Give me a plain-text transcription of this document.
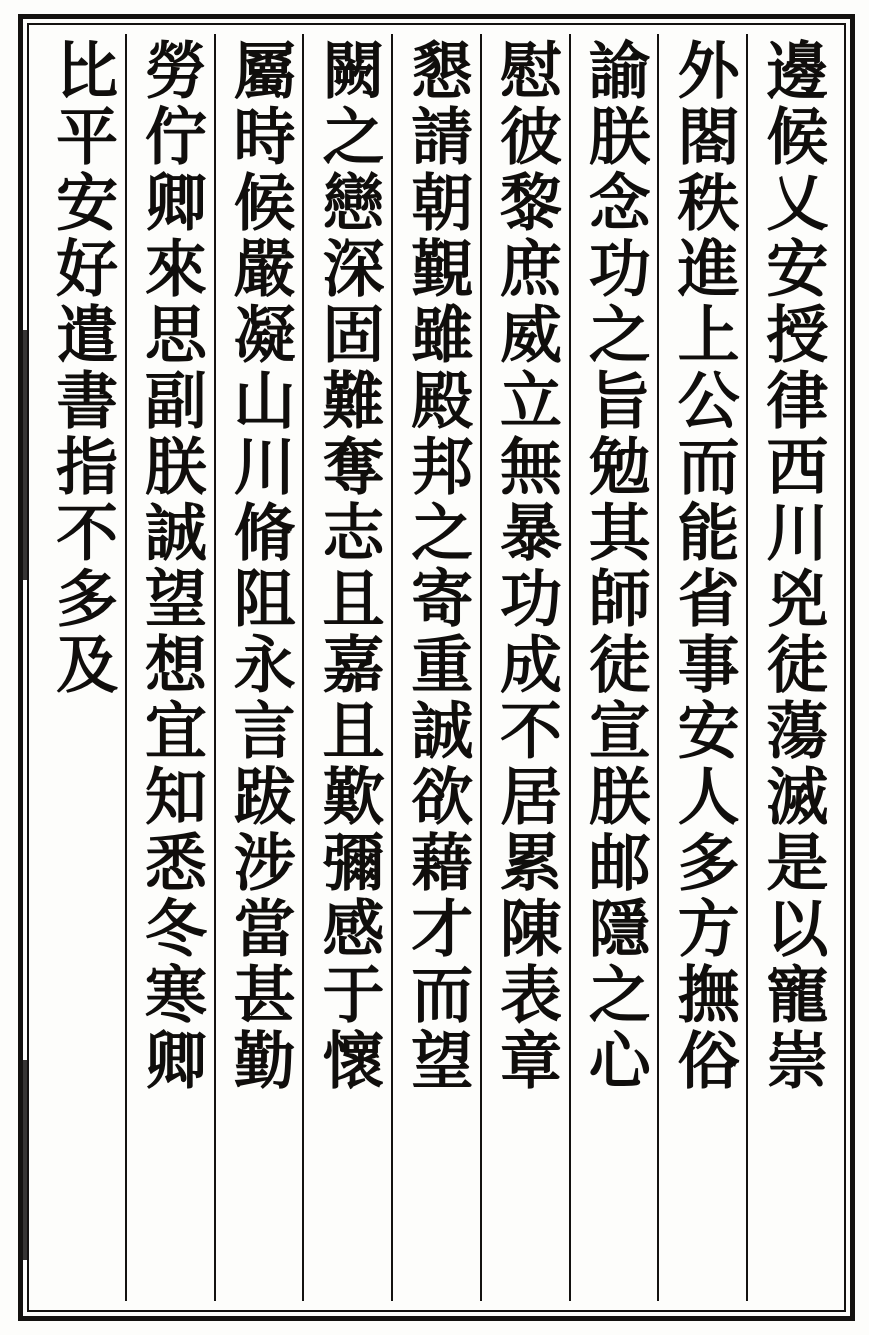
邊候乂安授律西川兇徒蕩滅是以寵崇
外閤秩進上公而能省事安人多方撫俗
諭朕念功之旨勉其師徒宣朕邮隱之心
慰彼黎庶威立無暴功成不居累陳表章
懇請朝覲雖殿邦之寄重誠欲藉才而望
闕之戀深固難奪志且嘉且歎彌感于懷
屬時候嚴凝山川脩阻永言跋涉當甚勤
勞佇卿來思副朕誠望想宜知悉冬寒卿
比平安好遣書指不多及
